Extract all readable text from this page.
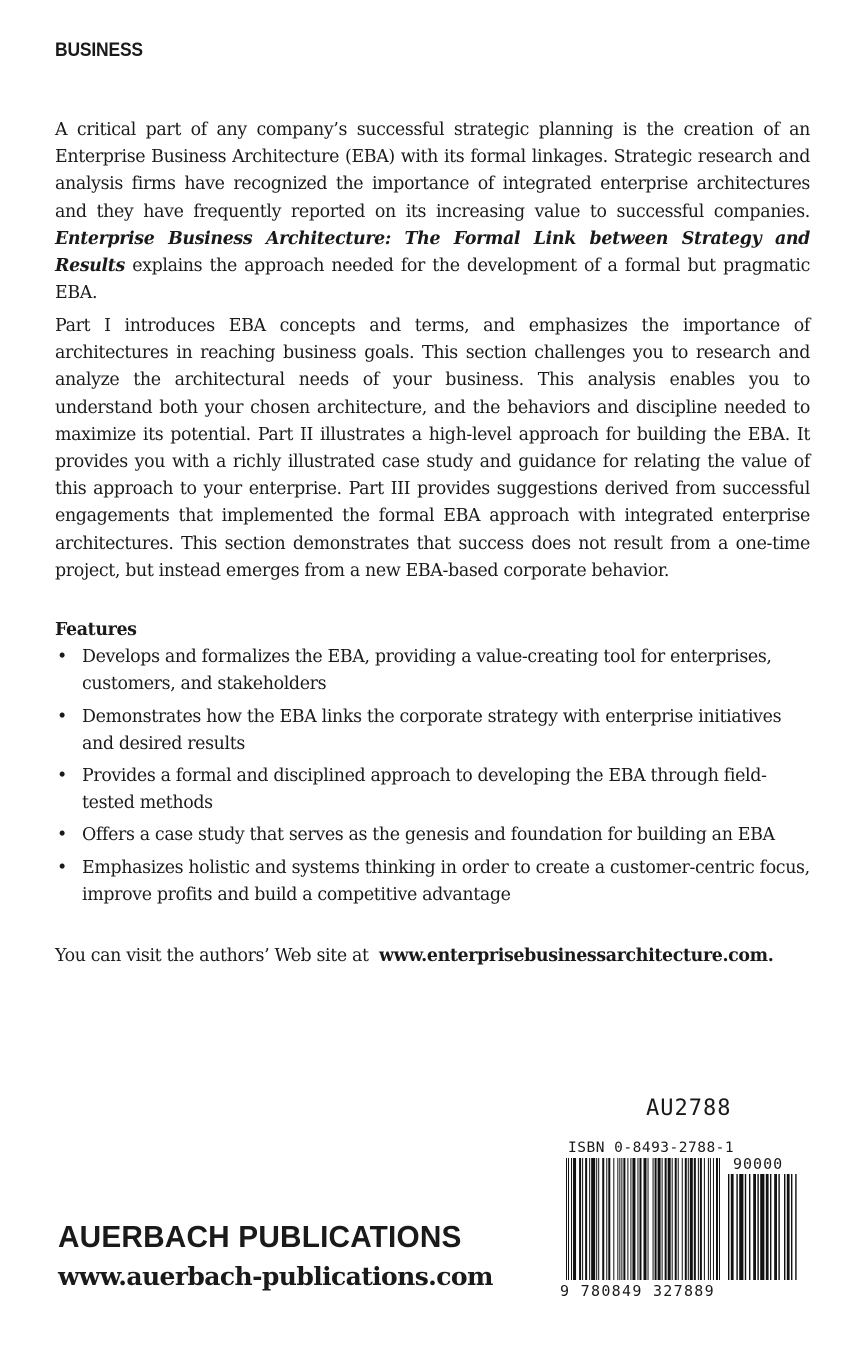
BUSINESS
A critical part of any company’s successful strategic planning is the creation of an Enterprise Business Architecture (EBA) with its formal linkages. Strategic research and analysis firms have recognized the importance of integrated enterprise architectures and they have frequently reported on its increasing value to successful companies. Enterprise Business Architecture: The Formal Link between Strategy and Results explains the approach needed for the development of a formal but pragmatic EBA.
Part I introduces EBA concepts and terms, and emphasizes the importance of architectures in reaching business goals. This section challenges you to research and analyze the architectural needs of your business. This analysis enables you to understand both your chosen architecture, and the behaviors and discipline needed to maximize its potential. Part II illustrates a high-level approach for building the EBA. It provides you with a richly illustrated case study and guidance for relating the value of this approach to your enterprise. Part III provides suggestions derived from successful engagements that implemented the formal EBA approach with integrated enterprise architectures. This section demonstrates that success does not result from a one-time project, but instead emerges from a new EBA-based corporate behavior.
Features
• Develops and formalizes the EBA, providing a value-creating tool for enterprises, customers, and stakeholders
• Demonstrates how the EBA links the corporate strategy with enterprise initiatives and desired results
• Provides a formal and disciplined approach to developing the EBA through field-tested methods
• Offers a case study that serves as the genesis and foundation for building an EBA
• Emphasizes holistic and systems thinking in order to create a customer-centric focus, improve profits and build a competitive advantage
You can visit the authors’ Web site at www.enterprisebusinessarchitecture.com.
AU2788
ISBN 0-8493-2788-1
90000
9 780849 327889
AUERBACH PUBLICATIONS
www.auerbach-publications.com
